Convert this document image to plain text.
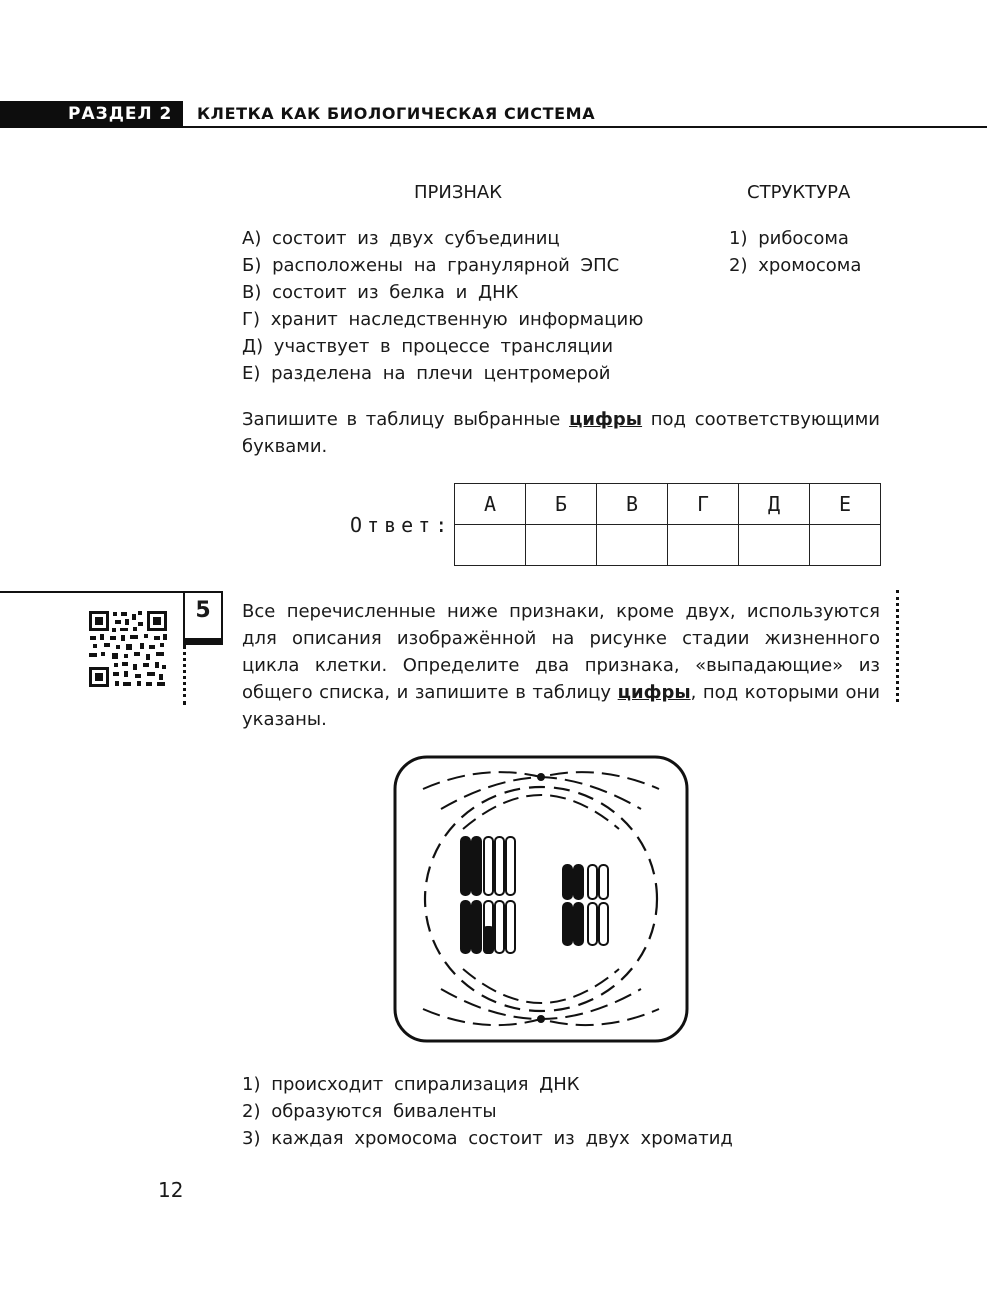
РАЗДЕЛ 2 КЛЕТКА КАК БИОЛОГИЧЕСКАЯ СИСТЕМА
ПРИЗНАК	СТРУКТУРА
А) состоит из двух субъединиц
Б) расположены на гранулярной ЭПС
В) состоит из белка и ДНК
Г) хранит наследственную информацию
Д) участвует в процессе трансляции
Е) разделена на плечи центромерой
1) рибосома
2) хромосома
Запишите в таблицу выбранные цифры под соответствующими буквами.
Ответ:
А	Б	В	Г	Д	Е

5	Все перечисленные ниже признаки, кроме двух, используются для описания изображённой на рисунке стадии жизненного цикла клетки. Определите два признака, «выпадающие» из общего списка, и запишите в таблицу цифры, под которыми они указаны.
1) происходит спирализация ДНК
2) образуются биваленты
3) каждая хромосома состоит из двух хроматид
12
